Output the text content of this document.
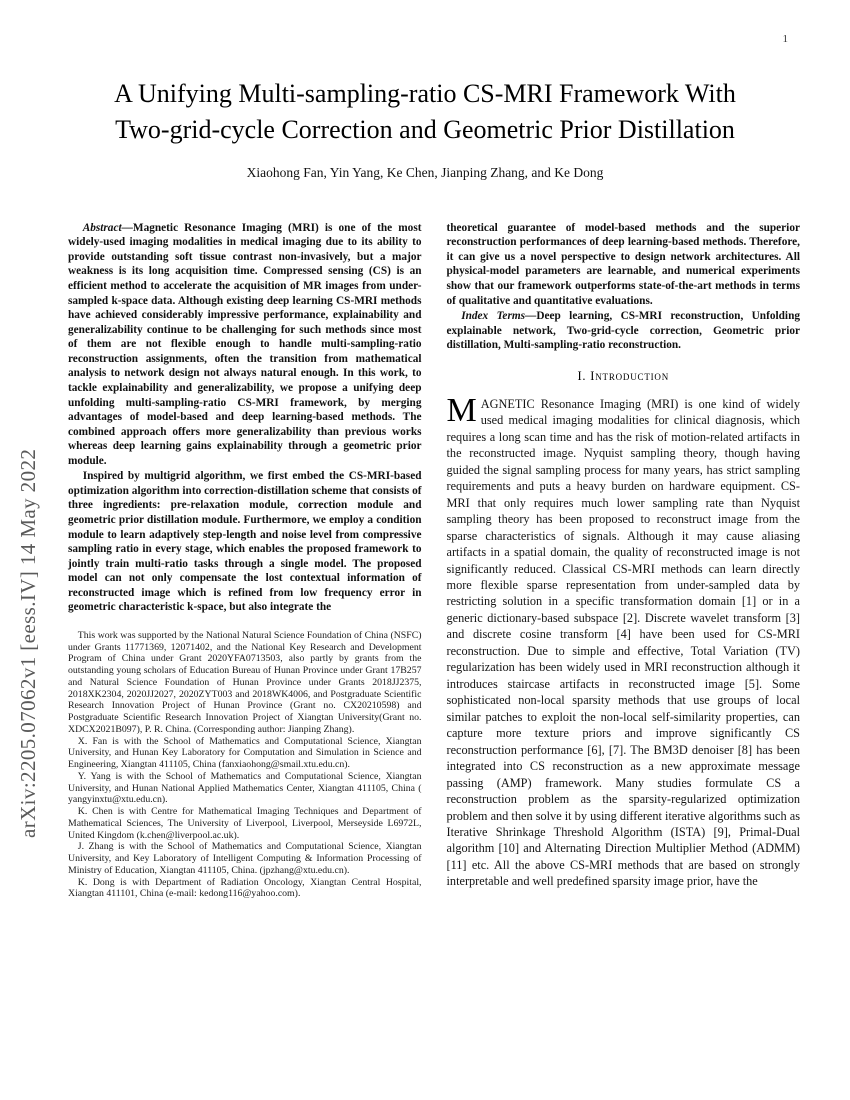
1
arXiv:2205.07062v1 [eess.IV] 14 May 2022
A Unifying Multi-sampling-ratio CS-MRI Framework With Two-grid-cycle Correction and Geometric Prior Distillation
Xiaohong Fan, Yin Yang, Ke Chen, Jianping Zhang, and Ke Dong

Abstract—Magnetic Resonance Imaging (MRI) is one of the most widely-used imaging modalities in medical imaging due to its ability to provide outstanding soft tissue contrast non-invasively, but a major weakness is its long acquisition time. Compressed sensing (CS) is an efficient method to accelerate the acquisition of MR images from under-sampled k-space data. Although existing deep learning CS-MRI methods have achieved considerably impressive performance, explainability and generalizability continue to be challenging for such methods since most of them are not flexible enough to handle multi-sampling-ratio reconstruction assignments, often the transition from mathematical analysis to network design not always natural enough. In this work, to tackle explainability and generalizability, we propose a unifying deep unfolding multi-sampling-ratio CS-MRI framework, by merging advantages of model-based and deep learning-based methods. The combined approach offers more generalizability than previous works whereas deep learning gains explainability through a geometric prior module.

Inspired by multigrid algorithm, we first embed the CS-MRI-based optimization algorithm into correction-distillation scheme that consists of three ingredients: pre-relaxation module, correction module and geometric prior distillation module. Furthermore, we employ a condition module to learn adaptively step-length and noise level from compressive sampling ratio in every stage, which enables the proposed framework to jointly train multi-ratio tasks through a single model. The proposed model can not only compensate the lost contextual information of reconstructed image which is refined from low frequency error in geometric characteristic k-space, but also integrate the

This work was supported by the National Natural Science Foundation of China (NSFC) under Grants 11771369, 12071402, and the National Key Research and Development Program of China under Grant 2020YFA0713503, also partly by grants from the outstanding young scholars of Education Bureau of Hunan Province under Grant 17B257 and Natural Science Foundation of Hunan Province under Grants 2018JJ2375, 2018XK2304, 2020JJ2027, 2020ZYT003 and 2018WK4006, and Postgraduate Scientific Research Innovation Project of Hunan Province (Grant no. CX20210598) and Postgraduate Scientific Research Innovation Project of Xiangtan University(Grant no. XDCX2021B097), P. R. China. (Corresponding author: Jianping Zhang).

X. Fan is with the School of Mathematics and Computational Science, Xiangtan University, and Hunan Key Laboratory for Computation and Simulation in Science and Engineering, Xiangtan 411105, China (fanxiaohong@smail.xtu.edu.cn).

Y. Yang is with the School of Mathematics and Computational Science, Xiangtan University, and Hunan National Applied Mathematics Center, Xiangtan 411105, China ( yangyinxtu@xtu.edu.cn).

K. Chen is with Centre for Mathematical Imaging Techniques and Department of Mathematical Sciences, The University of Liverpool, Liverpool, Merseyside L6972L, United Kingdom (k.chen@liverpool.ac.uk).

J. Zhang is with the School of Mathematics and Computational Science, Xiangtan University, and Key Laboratory of Intelligent Computing & Information Processing of Ministry of Education, Xiangtan 411105, China. (jpzhang@xtu.edu.cn).

K. Dong is with Department of Radiation Oncology, Xiangtan Central Hospital, Xiangtan 411101, China (e-mail: kedong116@yahoo.com).

theoretical guarantee of model-based methods and the superior reconstruction performances of deep learning-based methods. Therefore, it can give us a novel perspective to design network architectures. All physical-model parameters are learnable, and numerical experiments show that our framework outperforms state-of-the-art methods in terms of qualitative and quantitative evaluations.

Index Terms—Deep learning, CS-MRI reconstruction, Unfolding explainable network, Two-grid-cycle correction, Geometric prior distillation, Multi-sampling-ratio reconstruction.

I. Introduction

MAGNETIC Resonance Imaging (MRI) is one kind of widely used medical imaging modalities for clinical diagnosis, which requires a long scan time and has the risk of motion-related artifacts in the reconstructed image. Nyquist sampling theory, though having guided the signal sampling process for many years, has strict sampling requirements and puts a heavy burden on hardware equipment. CS-MRI that only requires much lower sampling rate than Nyquist sampling theory has been proposed to reconstruct image from the sparse characteristics of signals. Although it may cause aliasing artifacts in a spatial domain, the quality of reconstructed image is not significantly reduced. Classical CS-MRI methods can learn directly more flexible sparse representation from under-sampled data by restricting solution in a specific transformation domain [1] or in a generic dictionary-based subspace [2]. Discrete wavelet transform [3] and discrete cosine transform [4] have been used for CS-MRI reconstruction. Due to simple and effective, Total Variation (TV) regularization has been widely used in MRI reconstruction although it introduces staircase artifacts in reconstructed image [5]. Some sophisticated non-local sparsity methods that use groups of local similar patches to exploit the non-local self-similarity properties, can capture more texture priors and improve significantly CS reconstruction performance [6], [7]. The BM3D denoiser [8] has been integrated into CS reconstruction as a new approximate message passing (AMP) framework. Many studies formulate CS a reconstruction problem as the sparsity-regularized optimization problem and then solve it by using different iterative algorithms such as Iterative Shrinkage Threshold Algorithm (ISTA) [9], Primal-Dual algorithm [10] and Alternating Direction Multiplier Method (ADMM) [11] etc. All the above CS-MRI methods that are based on strongly interpretable and well predefined sparsity image prior, have the
